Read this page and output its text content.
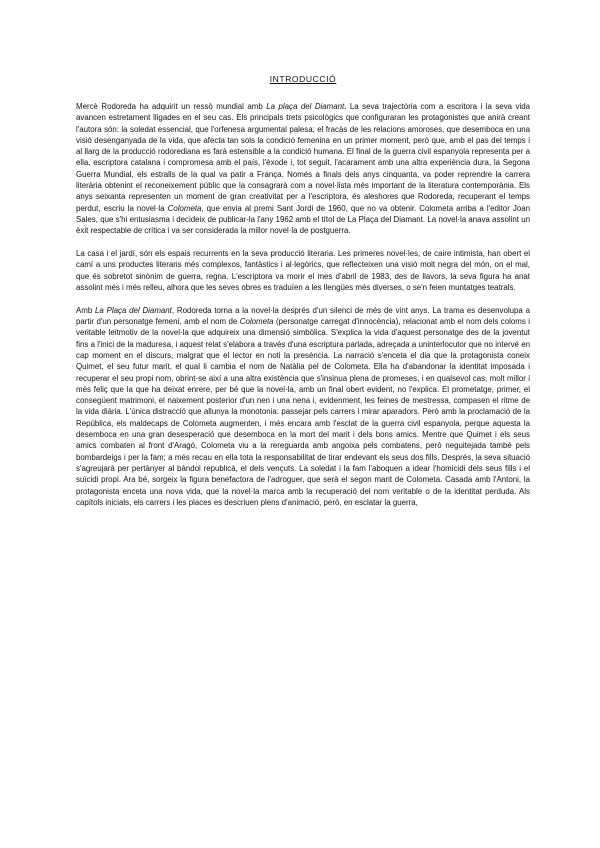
INTRODUCCIÓ

Mercè Rodoreda ha adquirit un ressò mundial amb La plaça del Diamant. La seva trajectòria com a escritora i la seva vida avancen estretament lligades en el seu cas. Els principals trets psicològics que configuraran les protagonistes que anirà creant l'autora són: la soledat essencial, que l'orfenesa argumental palesa; el fracàs de les relacions amoroses, que desemboca en una visió desenganyada de la vida, que afecta tan sols la condició femenina en un primer moment, però que, amb el pas del temps i al llarg de la producció rodorediana es farà estensible a la condició humana. El final de la guerra civil espanyola representa per a ella, escriptora catalana i compromesa amb el país, l'èxode i, tot seguit, l'acarament amb una altra experiència dura, la Segona Guerra Mundial, els estralls de la qual va patir a França. Només a finals dels anys cinquanta, va poder reprendre la carrera literària obtenint el reconeixement públic que la consagrarà com a novel·lista més important de la literatura contemporània. Els anys seixanta representen un moment de gran creativitat per a l'escriptora, és aleshores que Rodoreda, recuperant el temps perdut, escriu la novel·la Colometa, que envia al premi Sant Jordi de 1960, que no va obtenir. Colometa arriba a l'editor Joan Sales, que s'hi entusiasma i decideix de publicar-la l'any 1962 amb el títol de La Plaça del Diamant. La novel·la anava assolint un èxit respectable de crítica i va ser considerada la millor novel·la de postguerra.

La casa i el jardí, són els espais recurrents en la seva producció literaria. Les primeres novel·les, de caire intimista, han obert el camí a uns productes literaris més complexos, fantàstics i al·legòrics, que reflecteixen una visió molt negra del món, on el mal, que és sobretot sinònim de guerra, regna. L'escriptora va morir el mes d'abril de 1983, des de llavors, la seva figura ha anat assolint més i més relleu, alhora que les seves obres es traduïen a les llengües més diverses, o se'n feien muntatges teatrals.

Amb La Plaça del Diamant, Rodoreda torna a la novel·la després d'un silenci de més de vint anys. La trama es desenvolupa a partir d'un personatge femení, amb el nom de Colometa (personatge carregat d'innocència), relacionat amb el nom dels coloms i veritable leitmotiv de la novel·la que adquireix una dimensió simbòlica. S'explica la vida d'aquest personatge des de la joventut fins a l'inici de la maduresa, i aquest relat s'elabora a través d'una escriptura parlada, adreçada a uninterlocutor que no intervé en cap moment en el discurs, malgrat que el lector en noti la presència. La narració s'enceta el dia que la protagonista coneix Quimet, el seu futur marit, el qual li cambia el nom de Natàlia pel de Colometa. Ella ha d'abandonar la identitat imposada i recuperar el seu propi nom, obrint-se així a una altra existència que s'insinua plena de promeses, i en qualsevol cas, molt millor i més feliç que la que ha deixat enrere, per bé que la novel·la, amb un final obert evident, no l'explica. El prometatge, primer, el consegüent matrimoni, el naixement posterior d'un nen i una nena i, evidenment, les feines de mestressa, compasen el ritme de la vida diària. L'única distracció que allunya la monotonia: passejar pels carrers i mirar aparadors. Però amb la proclamació de la República, els maldecaps de Colometa augmenten, i més encara amb l'esclat de la guerra civil espanyola, perque aquesta la desemboca en una gran desesperació que desemboca en la mort del marit i dels bons amics. Mentre que Quimet i els seus amics combaten al front d'Aragó, Colometa viu a la rereguarda amb angoixa pels combatens, però neguitejada també pels bombardeigs i per la fam; a més recau en ella tota la responsabilitat de tirar endevant els seus dos fills. Després, la seva situació s'agreujarà per pertànyer al bàndol republicà, el dels vençuts. La soledat i la fam l'aboquen a idear l'homicidi dels seus fills i el suïcidi propi. Ara bé, sorgeix la figura benefactora de l'adroguer, que serà el segon marit de Colometa. Casada amb l'Antoni, la protagonista enceta una nova vida, que la novel·la marca amb la recuperació del nom veritable o de la identitat perduda. Als capítols inicials, els carrers i les places es descriuen plens d'animació, però, en esclatar la guerra,
